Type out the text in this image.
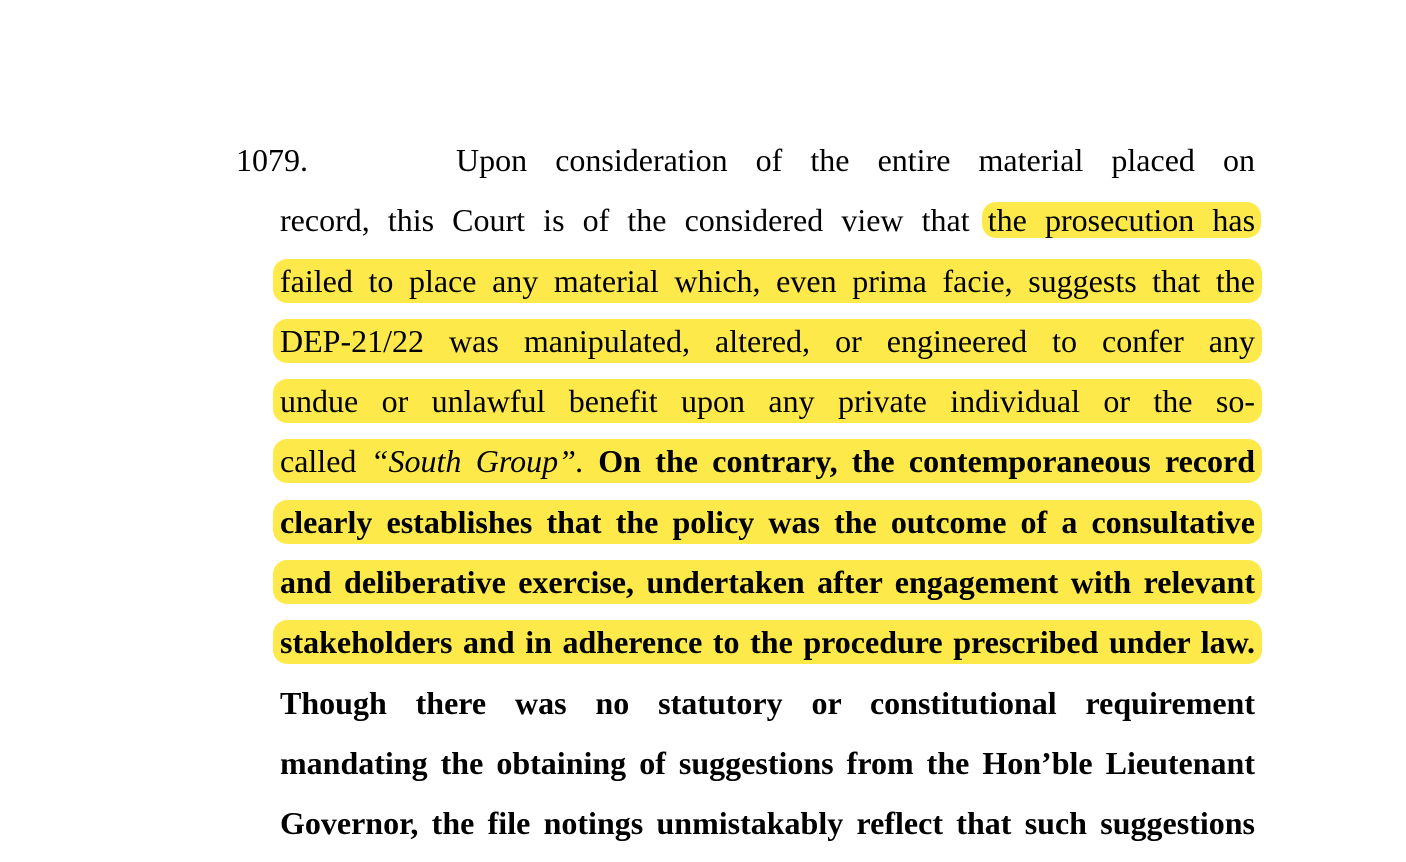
1079.	Upon consideration of the entire material placed on
record, this Court is of the considered view that the prosecution has
failed to place any material which, even prima facie, suggests that the
DEP-21/22 was manipulated, altered, or engineered to confer any
undue or unlawful benefit upon any private individual or the so-
called “South Group”. On the contrary, the contemporaneous record
clearly establishes that the policy was the outcome of a consultative
and deliberative exercise, undertaken after engagement with relevant
stakeholders and in adherence to the procedure prescribed under law.
Though there was no statutory or constitutional requirement
mandating the obtaining of suggestions from the Hon’ble Lieutenant
Governor, the file notings unmistakably reflect that such suggestions
